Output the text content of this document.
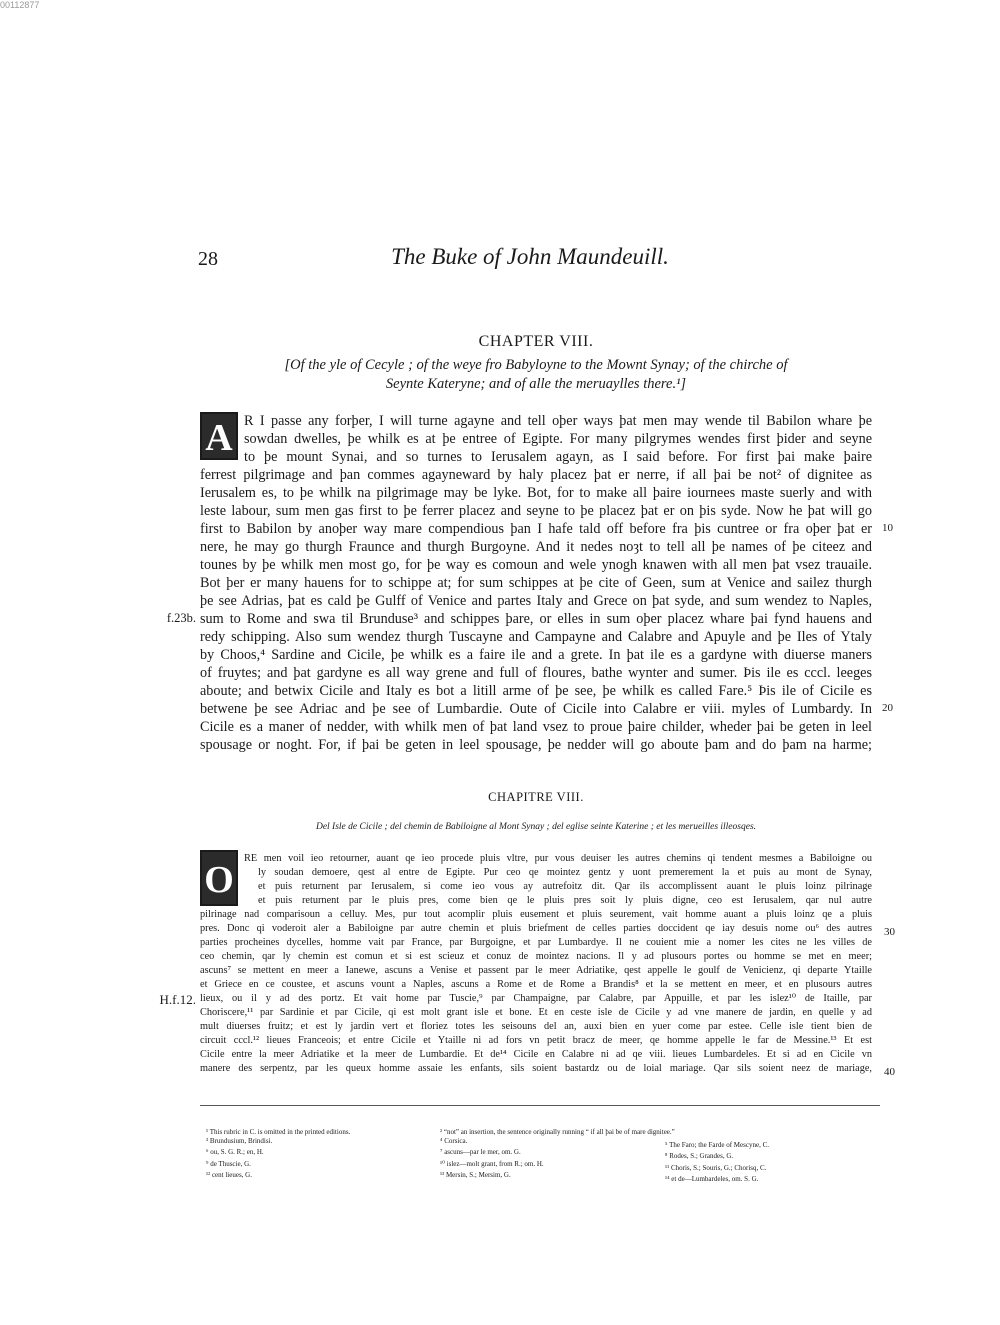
00112877
28	The Buke of John Maundeuill.
CHAPTER VIII.
[Of the yle of Cecyle ; of the weye fro Babyloyne to the Mownt Synay; of the chirche of
Seynte Kateryne; and of alle the meruaylles there.¹]
A R I passe any forþer, I will turne agayne and tell oþer ways þat men may wende til Babilon whare þe
sowdan dwelles, þe whilk es at þe entree of Egipte. For many pilgrymes wendes first þider and seyne
to þe mount Synai, and so turnes to Ierusalem agayn, as I said before. For first þai make þaire
ferrest pilgrimage and þan commes agayneward by haly placez þat er nerre, if all þai be not² of dignitee as
Ierusalem es, to þe whilk na pilgrimage may be lyke. Bot, for to make all þaire iournees maste suerly and with
leste labour, sum men gas first to þe ferrer placez and seyne to þe placez þat er on þis syde. Now he þat will go
first to Babilon by anoþer way mare compendious þan I hafe tald off before fra þis cuntree or fra oþer þat er
nere, he may go thurgh Fraunce and thurgh Burgoyne. And it nedes noȝt to tell all þe names of þe citeez and
tounes by þe whilk men most go, for þe way es comoun and wele ynogh knawen with all men þat vsez trauaile.
Bot þer er many hauens for to schippe at; for sum schippes at þe cite of Geen, sum at Venice and sailez thurgh
þe see Adrias, þat es cald þe Gulff of Venice and partes Italy and Grece on þat syde, and sum wendez to Naples,
sum to Rome and swa til Brunduse³ and schippes þare, or elles in sum oþer placez whare þai fynd hauens and
redy schipping. Also sum wendez thurgh Tuscayne and Campayne and Calabre and Apuyle and þe Iles of Ytaly
by Choos,⁴ Sardine and Cicile, þe whilk es a faire ile and a grete. In þat ile es a gardyne with diuerse maners
of fruytes; and þat gardyne es all way grene and full of floures, bathe wynter and sumer. Þis ile es cccl. leeges
aboute; and betwix Cicile and Italy es bot a litill arme of þe see, þe whilk es called Fare.⁵ Þis ile of Cicile es
betwene þe see Adriac and þe see of Lumbardie. Oute of Cicile into Calabre er viii. myles of Lumbardy. In
Cicile es a maner of nedder, with whilk men of þat land vsez to proue þaire childer, wheder þai be geten in leel
spousage or noght. For, if þai be geten in leel spousage, þe nedder will go aboute þam and do þam na harme;
10
20
f.23b.
CHAPITRE VIII.
Del Isle de Cicile ; del chemin de Babiloigne al Mont Synay ; del eglise seinte Katerine ; et les merueilles illeosqes.
O
RE men voil ieo retourner, auant qe ieo procede pluis vltre, pur vous deuiser les autres chemins qi tendent mesmes a Babiloigne ou
ly soudan demoere, qest al entre de Egipte. Pur ceo qe mointez gentz y uont premerement la et puis au mont de Synay,
et puis returnent par Ierusalem, si come ieo vous ay autrefoitz dit. Qar ils accomplissent auant le pluis loinz pilrinage
et puis returnent par le pluis pres, come bien qe le pluis pres soit ly pluis digne, ceo est Ierusalem, qar nul autre
pilrinage nad comparisoun a celluy. Mes, pur tout acomplir pluis eusement et pluis seurement, vait homme auant a pluis loinz qe a pluis
pres. Donc qi voderoit aler a Babiloigne par autre chemin et pluis briefment de celles parties doccident qe iay desuis nome ou⁶ des autres
parties procheines dycelles, homme vait par France, par Burgoigne, et par Lumbardye. Il ne couient mie a nomer les cites ne les villes de
ceo chemin, qar ly chemin est comun et si est scieuz et conuz de mointez nacions. Il y ad plusours portes ou homme se met en meer;
ascuns⁷ se mettent en meer a Ianewe, ascuns a Venise et passent par le meer Adriatike, qest appelle le goulf de Venicienz, qi departe Ytaille
et Griece en ce coustee, et ascuns vount a Naples, ascuns a Rome et de Rome a Brandis⁸ et la se mettent en meer, et en plusours autres
lieux, ou il y ad des portz. Et vait home par Tuscie,⁹ par Champaigne, par Calabre, par Appuille, et par les islez¹⁰ de Itaille, par
Choriscere,¹¹ par Sardinie et par Cicile, qi est molt grant isle et bone. Et en ceste isle de Cicile y ad vne manere de jardin, en quelle y ad
mult diuerses fruitz; et est ly jardin vert et floriez totes les seisouns del an, auxi bien en yuer come par estee. Celle isle tient bien de
circuit cccl.¹² lieues Franceois; et entre Cicile et Ytaille ni ad fors vn petit bracz de meer, qe homme appelle le far de Messine.¹³ Et est
Cicile entre la meer Adriatike et la meer de Lumbardie. Et de¹⁴ Cicile en Calabre ni ad qe viii. lieues Lumbardeles. Et si ad en Cicile vn
manere des serpentz, par les queux homme assaie les enfants, sils soient bastardz ou de loial mariage. Qar sils soient neez de mariage,
30
40
H.f.12.
¹ This rubric in C. is omitted in the printed editions.
³ Brundusium, Brindisi.
⁶ ou, S. G. R.; en, H.
⁹ de Thuscie, G.
¹² cent lieues, G.
² “not” an insertion, the sentence originally running “ if all þai be of mare dignitee.”
⁴ Corsica.
⁷ ascuns—par le mer, om. G.
¹⁰ islez—molt grant, from R.; om. H.
¹³ Mersin, S.; Mersim, G.
⁵ The Faro; the Farde of Mescyne, C.
⁸ Rodes, S.; Grandes, G.
¹¹ Choris, S.; Souris, G.; Chorisq, C.
¹⁴ et de—Lumbardeles, om. S. G.
